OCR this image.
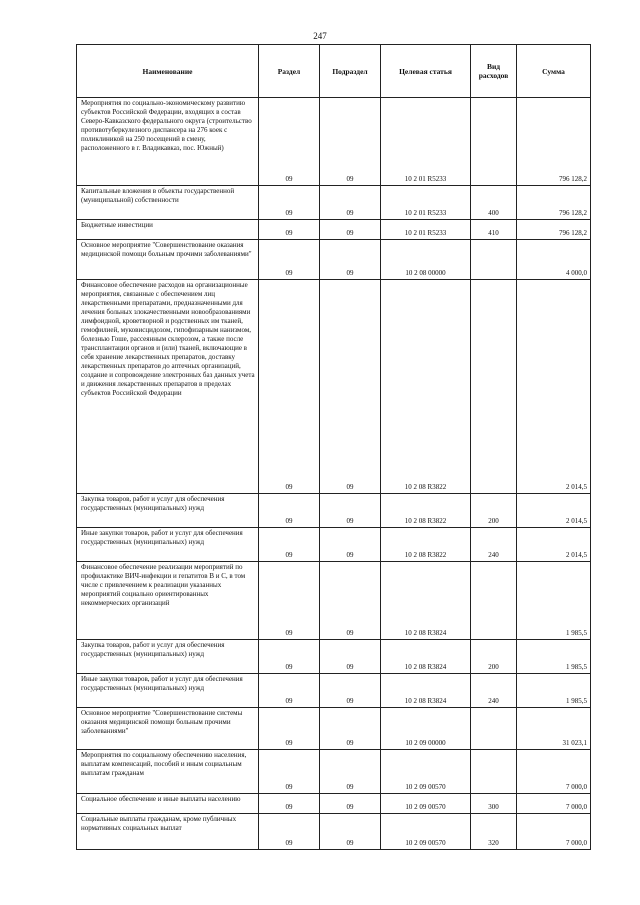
247
Наименование	Раздел	Подраздел	Целевая статья	Вид расходов	Сумма
Мероприятия по социально-экономическому развитию субъектов Российской Федерации, входящих в состав Северо-Кавказского федерального округа (строительство противотуберкулезного диспансера на 276 коек с поликлиникой на 250 посещений в смену, расположенного в г. Владикавказ, пос. Южный)	09	09	10 2 01 R5233		796 128,2
Капитальные вложения в объекты государственной (муниципальной) собственности	09	09	10 2 01 R5233	400	796 128,2
Бюджетные инвестиции	09	09	10 2 01 R5233	410	796 128,2
Основное мероприятие "Совершенствование оказания медицинской помощи больным прочими заболеваниями"	09	09	10 2 08 00000		4 000,0
Финансовое обеспечение расходов на организационные мероприятия, связанные с обеспечением лиц лекарственными препаратами, предназначенными для лечения больных злокачественными новообразованиями лимфоидной, кроветворной и родственных им тканей, гемофилией, муковисцидозом, гипофизарным нанизмом, болезнью Гоше, рассеянным склерозом, а также после трансплантации органов и (или) тканей, включающие в себя хранение лекарственных препаратов, доставку лекарственных препаратов до аптечных организаций, создание и сопровождение электронных баз данных учета и движения лекарственных препаратов в пределах субъектов Российской Федерации	09	09	10 2 08 R3822		2 014,5
Закупка товаров, работ и услуг для обеспечения государственных (муниципальных) нужд	09	09	10 2 08 R3822	200	2 014,5
Иные закупки товаров, работ и услуг для обеспечения государственных (муниципальных) нужд	09	09	10 2 08 R3822	240	2 014,5
Финансовое обеспечение реализации мероприятий по профилактике ВИЧ-инфекции и гепатитов B и C, в том числе с привлечением к реализации указанных мероприятий социально ориентированных некоммерческих организаций	09	09	10 2 08 R3824		1 985,5
Закупка товаров, работ и услуг для обеспечения государственных (муниципальных) нужд	09	09	10 2 08 R3824	200	1 985,5
Иные закупки товаров, работ и услуг для обеспечения государственных (муниципальных) нужд	09	09	10 2 08 R3824	240	1 985,5
Основное мероприятие "Совершенствование системы оказания медицинской помощи больным прочими заболеваниями"	09	09	10 2 09 00000		31 023,1
Мероприятия по социальному обеспечению населения, выплатам компенсаций, пособий и иным социальным выплатам гражданам	09	09	10 2 09 00570		7 000,0
Социальное обеспечение и иные выплаты населению	09	09	10 2 09 00570	300	7 000,0
Социальные выплаты гражданам, кроме публичных нормативных социальных выплат	09	09	10 2 09 00570	320	7 000,0
